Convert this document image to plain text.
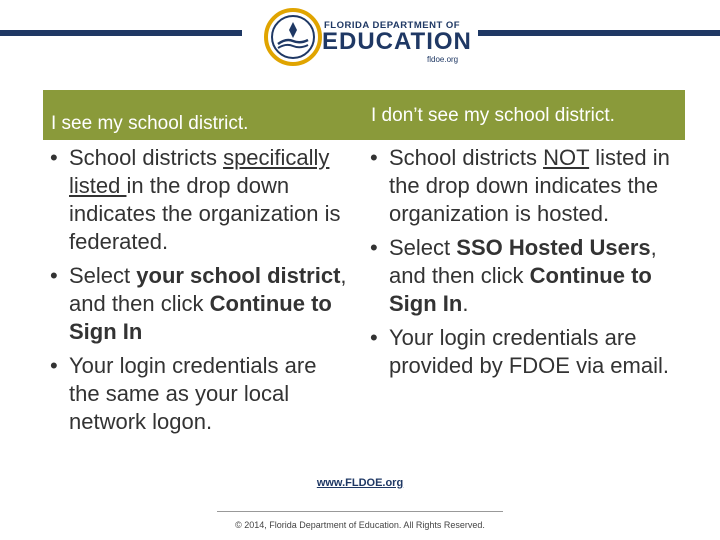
FLORIDA DEPARTMENT OF
EDUCATION
fldoe.org
I see my school district.	I don’t see my school district.
• School districts specifically listed in the drop down indicates the organization is federated.
• Select your school district, and then click Continue to Sign In
• Your login credentials are the same as your local network logon.
• School districts NOT listed in the drop down indicates the organization is hosted.
• Select SSO Hosted Users, and then click Continue to Sign In.
• Your login credentials are provided by FDOE via email.
www.FLDOE.org
© 2014, Florida Department of Education. All Rights Reserved.
